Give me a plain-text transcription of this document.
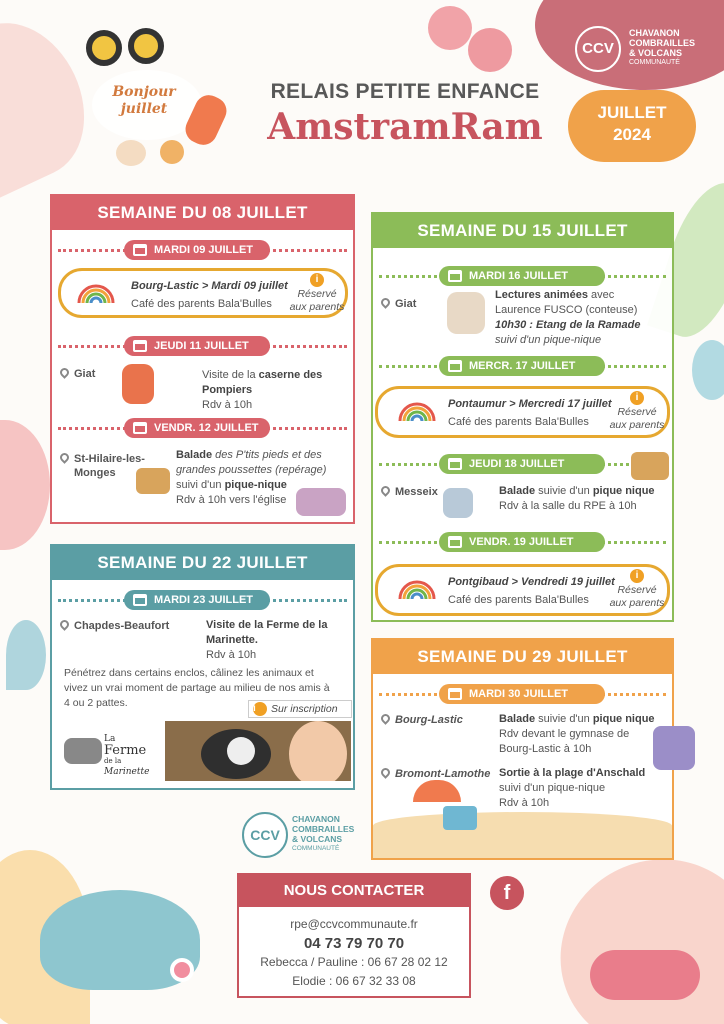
Bonjour juillet
CCV
CHAVANON
COMBRAILLES
& VOLCANS
COMMUNAUTÉ
RELAIS PETITE ENFANCE
AmstramRam	JUILLET
2024
SEMAINE DU 08 JUILLET
MARDI 09 JUILLET
Bourg-Lastic > Mardi 09 juillet
Café des parents Bala'Bulles
i
Réservé
aux parents
JEUDI 11 JUILLET
Giat	Visite de la caserne des Pompiers
Rdv à 10h
VENDR. 12 JUILLET
St-Hilaire-les-
Monges
Balade des P'tits pieds et des
grandes poussettes (repérage)
suivi d'un pique-nique
Rdv à 10h vers l'église
SEMAINE DU 22 JUILLET
MARDI 23 JUILLET
Chapdes-Beaufort	Visite de la Ferme de la
Marinette.
Rdv à 10h
Pénétrez dans certains enclos, câlinez les animaux et
vivez un vrai moment de partage au milieu de nos amis à
4 ou 2 pattes.	i	Sur inscription
La
Ferme
de la
Marinette
SEMAINE DU 15 JUILLET
MARDI 16 JUILLET
Giat
Lectures animées avec
Laurence FUSCO (conteuse)
10h30 : Etang de la Ramade
suivi d'un pique-nique
MERCR. 17 JUILLET
Pontaumur > Mercredi 17 juillet
Café des parents Bala'Bulles
i
Réservé
aux parents
JEUDI 18 JUILLET
Messeix	Balade suivie d'un pique nique
Rdv à la salle du RPE à 10h
VENDR. 19 JUILLET
Pontgibaud > Vendredi 19 juillet
Café des parents Bala'Bulles
i
Réservé
aux parents
SEMAINE DU 29 JUILLET
MARDI 30 JUILLET
Bourg-Lastic	Balade suivie d'un pique nique
Rdv devant le gymnase de
Bourg-Lastic à 10h
Bromont-Lamothe Sortie à la plage d'Anschald
suivi d'un pique-nique
Rdv à 10h
CCV
CHAVANON
COMBRAILLES
& VOLCANS
COMMUNAUTÉ
NOUS CONTACTER
rpe@ccvcommunaute.fr
04 73 79 70 70
Rebecca / Pauline : 06 67 28 02 12
Elodie : 06 67 32 33 08
f
